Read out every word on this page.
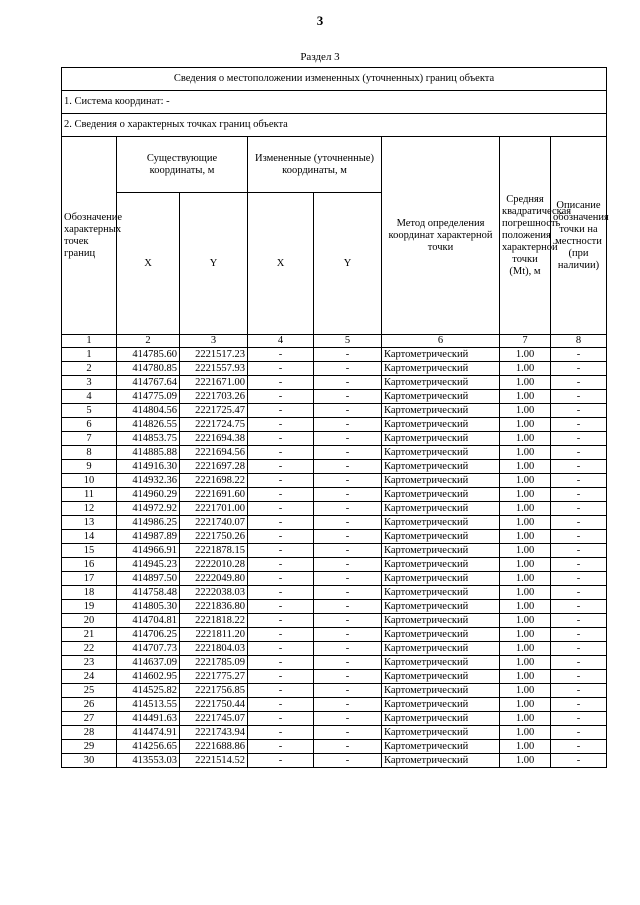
3
Раздел 3
Сведения о местоположении измененных (уточненных) границ объекта							
1. Система координат: -							
2. Сведения о характерных точках границ объекта							
Обозначение характерных точек границ	Существующие координаты, м		Измененные (уточненные) координаты, м		Метод определения координат характерной точки	Средняя квадратическая погрешность положения характерной точки (Mt), м	Описание обозначения точки на местности (при наличии)
	X	Y	X	Y			
1	2	3	4	5	6	7	8
1	414785.60	2221517.23	-	-	Картометрический	1.00	-
2	414780.85	2221557.93	-	-	Картометрический	1.00	-
3	414767.64	2221671.00	-	-	Картометрический	1.00	-
4	414775.09	2221703.26	-	-	Картометрический	1.00	-
5	414804.56	2221725.47	-	-	Картометрический	1.00	-
6	414826.55	2221724.75	-	-	Картометрический	1.00	-
7	414853.75	2221694.38	-	-	Картометрический	1.00	-
8	414885.88	2221694.56	-	-	Картометрический	1.00	-
9	414916.30	2221697.28	-	-	Картометрический	1.00	-
10	414932.36	2221698.22	-	-	Картометрический	1.00	-
11	414960.29	2221691.60	-	-	Картометрический	1.00	-
12	414972.92	2221701.00	-	-	Картометрический	1.00	-
13	414986.25	2221740.07	-	-	Картометрический	1.00	-
14	414987.89	2221750.26	-	-	Картометрический	1.00	-
15	414966.91	2221878.15	-	-	Картометрический	1.00	-
16	414945.23	2222010.28	-	-	Картометрический	1.00	-
17	414897.50	2222049.80	-	-	Картометрический	1.00	-
18	414758.48	2222038.03	-	-	Картометрический	1.00	-
19	414805.30	2221836.80	-	-	Картометрический	1.00	-
20	414704.81	2221818.22	-	-	Картометрический	1.00	-
21	414706.25	2221811.20	-	-	Картометрический	1.00	-
22	414707.73	2221804.03	-	-	Картометрический	1.00	-
23	414637.09	2221785.09	-	-	Картометрический	1.00	-
24	414602.95	2221775.27	-	-	Картометрический	1.00	-
25	414525.82	2221756.85	-	-	Картометрический	1.00	-
26	414513.55	2221750.44	-	-	Картометрический	1.00	-
27	414491.63	2221745.07	-	-	Картометрический	1.00	-
28	414474.91	2221743.94	-	-	Картометрический	1.00	-
29	414256.65	2221688.86	-	-	Картометрический	1.00	-
30	413553.03	2221514.52	-	-	Картометрический	1.00	-
